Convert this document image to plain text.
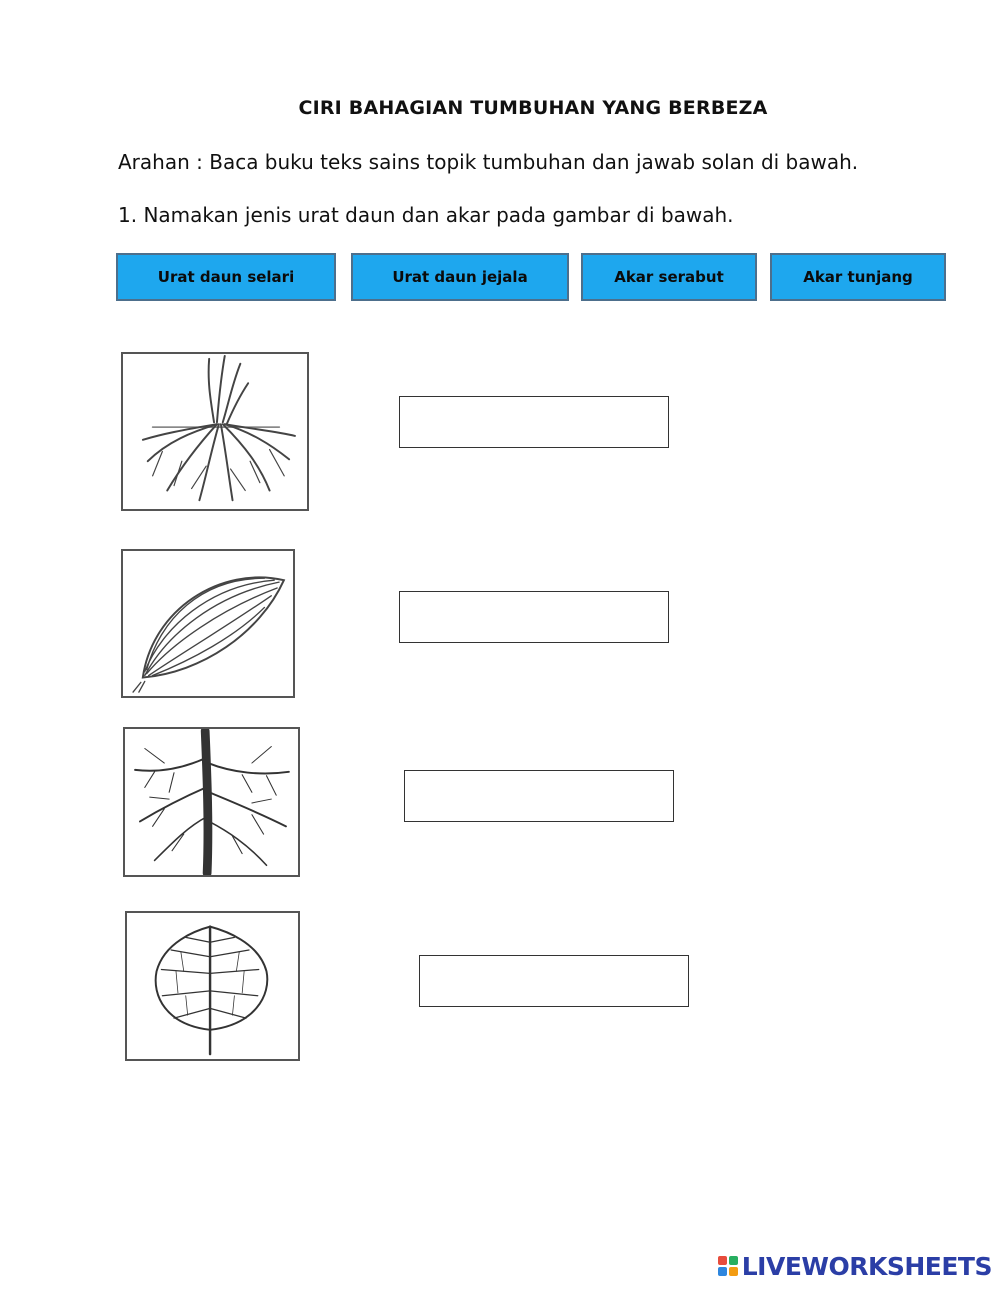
CIRI BAHAGIAN TUMBUHAN YANG BERBEZA
Arahan : Baca buku teks sains topik tumbuhan dan jawab solan di bawah.
1. Namakan jenis urat daun dan akar pada gambar di bawah.
Urat daun selari	Urat daun jejala	Akar serabut	Akar tunjang
LIVEWORKSHEETS
